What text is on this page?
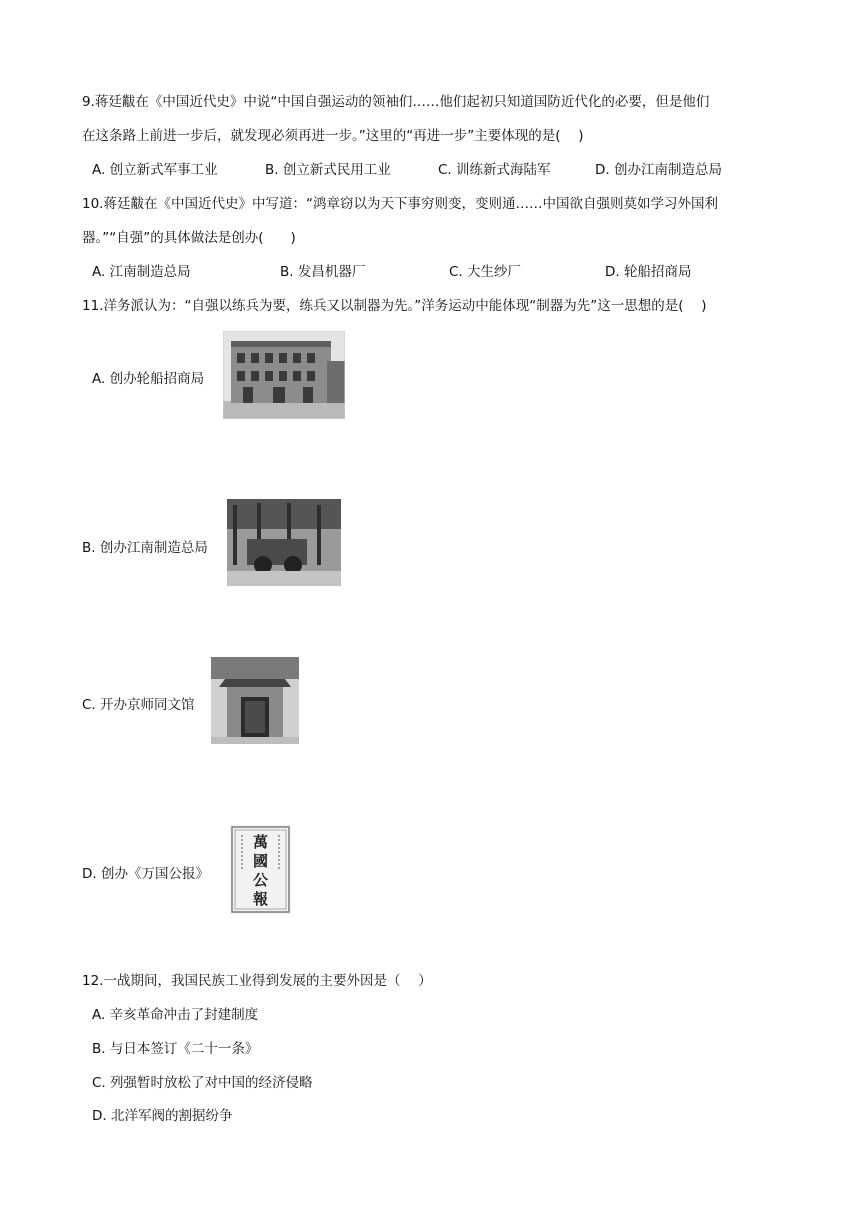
9.蒋廷黻在《中国近代史》中说“中国自强运动的领袖们……他们起初只知道国防近代化的必要，但是他们
在这条路上前进一步后，就发现必须再进一步。”这里的“再进一步”主要体现的是(　 )
A. 创立新式军事工业	B. 创立新式民用工业	C. 训练新式海陆军	D. 创办江南制造总局
10.蒋廷黻在《中国近代史》中写道：“鸿章窃以为天下事穷则变，变则通……中国欲自强则莫如学习外国利
器。”“自强”的具体做法是创办(　　)
A. 江南制造总局	B. 发昌机器厂	C. 大生纱厂	D. 轮船招商局
11.洋务派认为：“自强以练兵为要，练兵又以制器为先。”洋务运动中能体现“制器为先”这一思想的是(　 )
A. 创办轮船招商局
B. 创办江南制造总局
C. 开办京师同文馆
D. 创办《万国公报》
萬
國
公
報
12.一战期间，我国民族工业得到发展的主要外因是（　 ）
A. 辛亥革命冲击了封建制度
B. 与日本签订《二十一条》
C. 列强暂时放松了对中国的经济侵略
D. 北洋军阀的割据纷争
